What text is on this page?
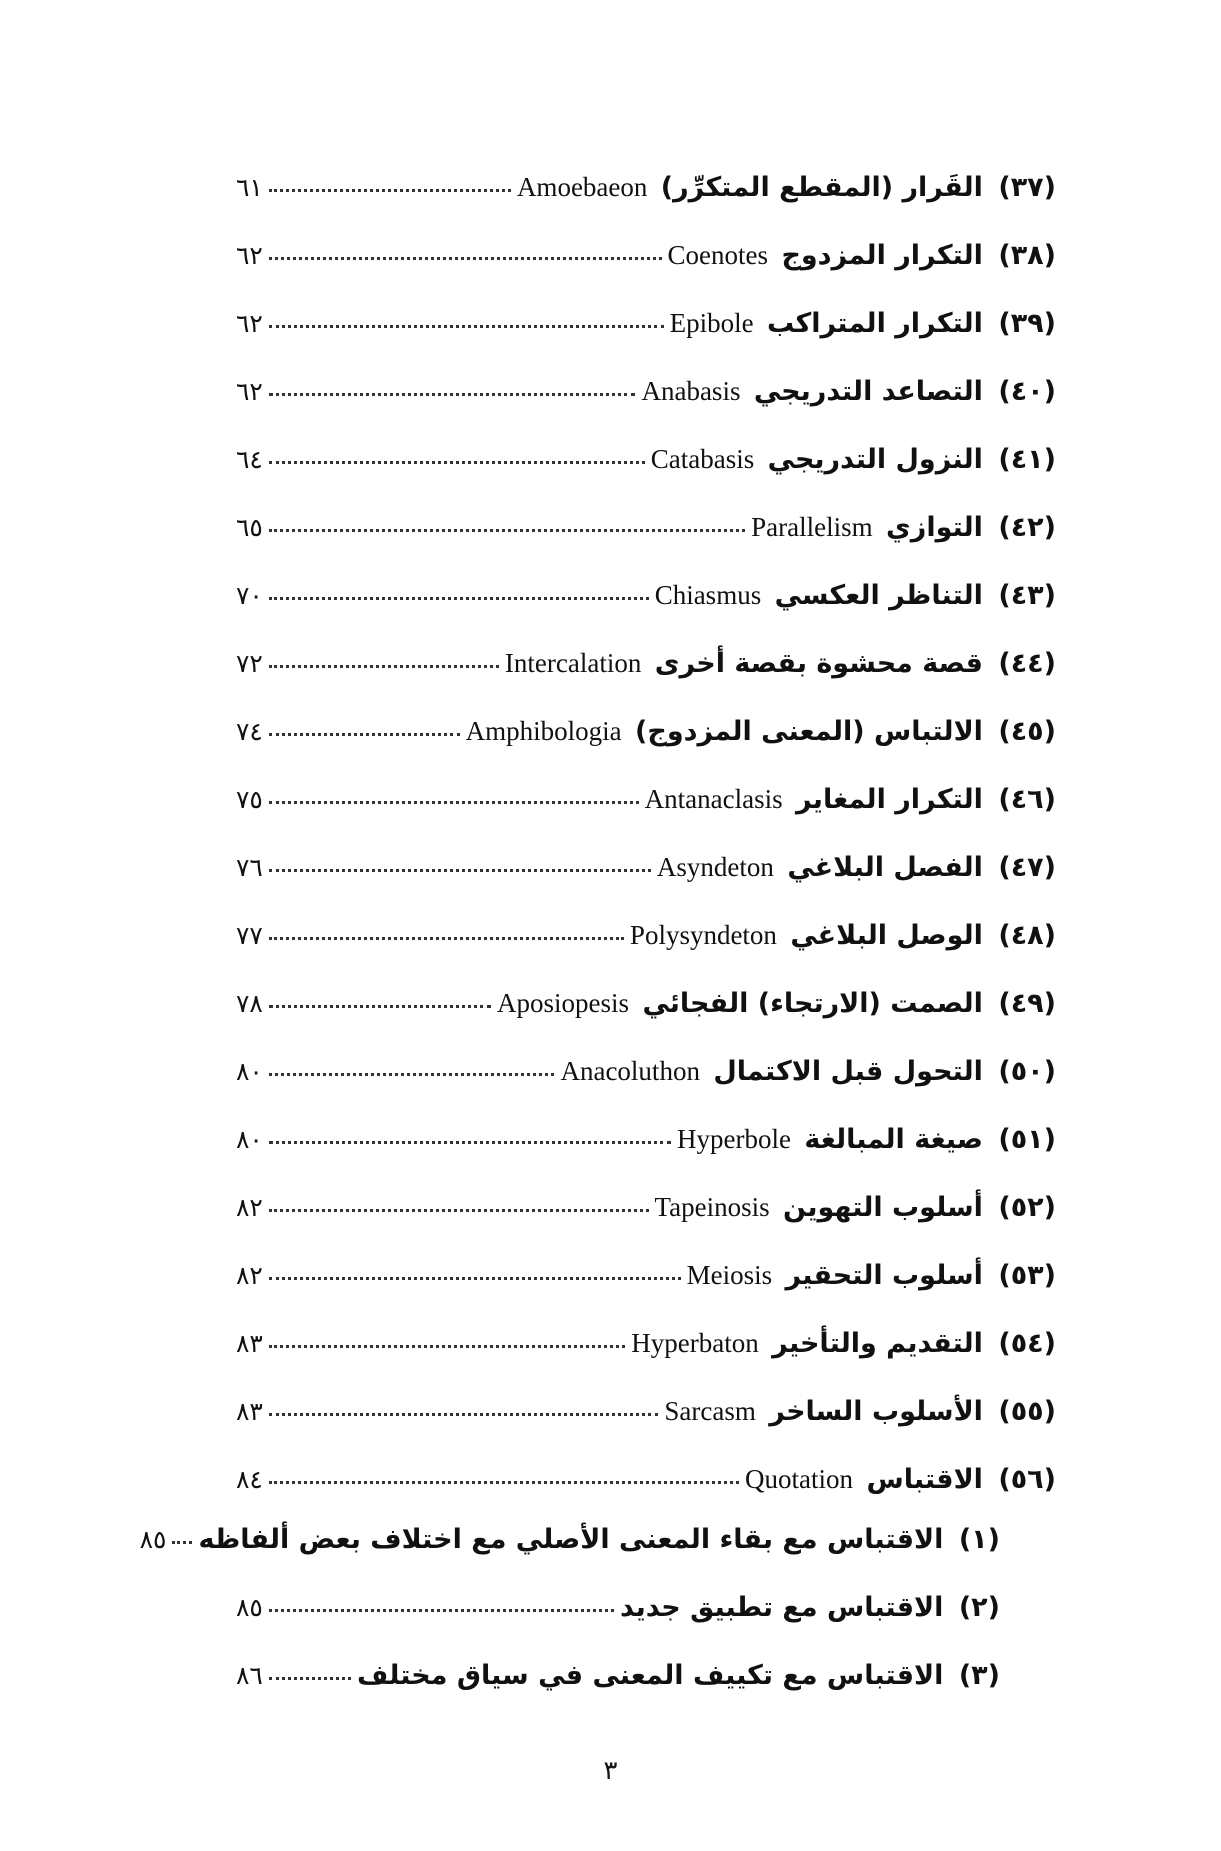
(٣٧) القَرار (المقطع المتكرِّر) Amoebaeon
٦١
(٣٨) التكرار المزدوج Coenotes
٦٢
(٣٩) التكرار المتراكب Epibole
٦٢
(٤٠) التصاعد التدريجي Anabasis
٦٢
(٤١) النزول التدريجي Catabasis
٦٤
(٤٢) التوازي Parallelism
٦٥
(٤٣) التناظر العكسي Chiasmus
٧٠
(٤٤) قصة محشوة بقصة أخرى Intercalation
٧٢
(٤٥) الالتباس (المعنى المزدوج) Amphibologia
٧٤
(٤٦) التكرار المغاير Antanaclasis
٧٥
(٤٧) الفصل البلاغي Asyndeton
٧٦
(٤٨) الوصل البلاغي Polysyndeton
٧٧
(٤٩) الصمت (الارتجاء) الفجائي Aposiopesis
٧٨
(٥٠) التحول قبل الاكتمال Anacoluthon
٨٠
(٥١) صيغة المبالغة Hyperbole
٨٠
(٥٢) أسلوب التهوين Tapeinosis
٨٢
(٥٣) أسلوب التحقير Meiosis
٨٢
(٥٤) التقديم والتأخير Hyperbaton
٨٣
(٥٥) الأسلوب الساخر Sarcasm
٨٣
(٥٦) الاقتباس Quotation
٨٤
(١) الاقتباس مع بقاء المعنى الأصلي مع اختلاف بعض ألفاظه
٨٥
(٢) الاقتباس مع تطبيق جديد
٨٥
(٣) الاقتباس مع تكييف المعنى في سياق مختلف
٨٦
٣
